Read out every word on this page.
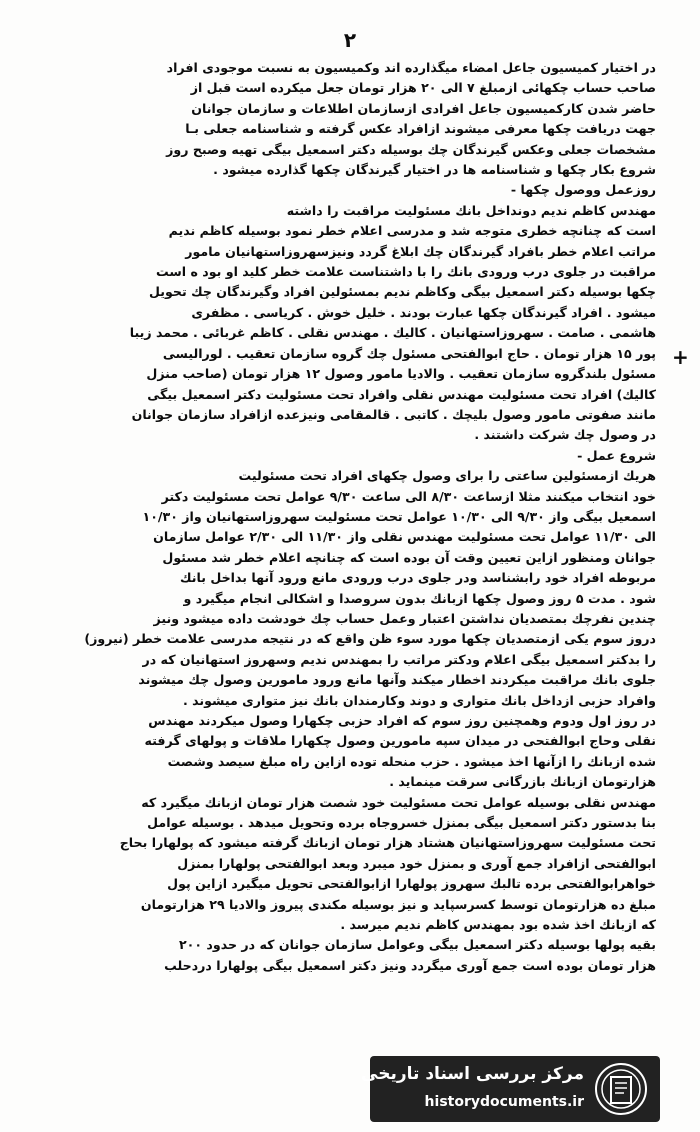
۲
در اختیار کمیسیون جاعل امضاء میگذارده اند وکمیسیون به نسبت موجودی افراد
صاحب حساب چکهائی ازمبلغ ۷ الی ۲۰ هزار تومان جعل میکرده است قبل از
حاضر شدن کارکمیسیون جاعل افرادی ازسازمان اطلاعات و سازمان جوانان
جهت دریافت چکها معرفی میشوند ازافراد عکس گرفته و شناسنامه جعلی بـا
مشخصات جعلی وعکس گیرندگان چك بوسیله دکتر اسمعیل بیگی تهیه وصبح روز
شروع بکار چکها و شناسنامه ها در اختیار گیرندگان چکها گذارده میشود .
روزعمل ووصول چکها -
مهندس کاظم ندیم دونداخل بانك مسئولیت مراقبت را داشته
است که چنانچه خطری متوجه شد و مدرسی اعلام خطر نمود بوسیله کاظم ندیم
مراتب اعلام خطر بافراد گیرندگان چك ابلاغ گردد ونیزسهروزاستهانیان مامور
مراقبت در جلوی درب ورودی بانك را با داشتناست علامت خطر کلید او بود ه است
چکها بوسیله دکتر اسمعیل بیگی وکاظم ندیم بمسئولین افراد وگیرندگان چك تحویل
میشود . افراد گیرندگان چکها عبارت بودند . خلیل خوش . کریاسی . مظفری
هاشمی . صامت . سهروزاستهانیان . کالیك . مهندس نقلی . کاظم غربائی . محمد زیبا
پور ۱۵ هزار تومان . حاج ابوالفتحی مسئول چك گروه سازمان تعقیب . لورالیسی
مسئول بلندگروه سازمان تعقیب . والادیا مامور وصول ۱۲ هزار تومان (صاحب منزل
کالیك) افراد تحت مسئولیت مهندس نقلی وافراد تحت مسئولیت دکتر اسمعیل بیگی
مانند صفوتی مامور وصول بلیچك . کاتبی . قالمقامی ونیزعده ازافراد سازمان جوانان
در وصول چك شرکت داشتند .
شروع عمل -
هریك ازمسئولین ساعتی را برای وصول چکهای افراد تحت مسئولیت
خود انتخاب میکنند مثلا ازساعت ۸/۳۰ الی ساعت ۹/۳۰ عوامل تحت مسئولیت دکتر
اسمعیل بیگی واز ۹/۳۰ الی ۱۰/۳۰ عوامل تحت مسئولیت سهروزاستهانیان واز ۱۰/۳۰
الی ۱۱/۳۰ عوامل تحت مسئولیت مهندس نقلی واز ۱۱/۳۰ الی ۲/۳۰ عوامل سازمان
جوانان ومنظور ازاین تعیین وقت آن بوده است که چنانچه اعلام خطر شد مسئول
مربوطه افراد خود رابشناسد ودر جلوی درب ورودی مانع ورود آنها بداخل بانك
شود . مدت ۵ روز وصول چکها ازبانك بدون سروصدا و اشکالی انجام میگیرد و
چندین نفرچك بمتصدیان نداشتن اعتبار وعمل حساب چك خودشت داده میشود ونیز
دروز سوم یکی ازمتصدیان چکها مورد سوء ظن واقع که در نتیجه مدرسی علامت خطر (نیروز)
را بدکتر اسمعیل بیگی اعلام ودکتر مراتب را بمهندس ندیم وسهروز استهانیان که در
جلوی بانك مراقبت میکردند اخطار میکند وآنها مانع ورود مامورین وصول چك میشوند
وافراد حزبی ازداخل بانك متواری و دوند وکارمندان بانك نیز متواری میشوند .
در روز اول ودوم وهمچنین روز سوم که افراد حزبی چکهارا وصول میکردند مهندس
نقلی وحاج ابوالفتحی در میدان سپه مامورین وصول چکهارا ملاقات و پولهای گرفته
شده ازبانك را ازآنها اخذ میشود . حزب منحله توده ازاین راه مبلغ سیصد وشصت
هزارتومان ازبانك بازرگانی سرقت مینماید .
مهندس نقلی بوسیله عوامل تحت مسئولیت خود شصت هزار تومان ازبانك میگیرد که
بنا بدستور دکتر اسمعیل بیگی بمنزل خسروجاه برده وتحویل میدهد . بوسیله عوامل
تحت مسئولیت سهروزاستهانیان هشتاد هزار تومان ازبانك گرفته میشود که پولهارا بحاج
ابوالفتحی ازافراد جمع آوری و بمنزل خود میبرد وبعد ابوالفتحی پولهارا بمنزل
خواهرابوالفتحی برده تالبك سهروز پولهارا ازابوالفتحی تحویل میگیرد ازاین پول
مبلغ ده هزارتومان توسط کسرسپاید و نیز بوسیله مکندی پیروز والادیا ۲۹ هزارتومان
که ازبانك اخذ شده بود بمهندس کاظم ندیم میرسد .
بقیه پولها بوسیله دکتر اسمعیل بیگی وعوامل سازمان جوانان که در حدود ۲۰۰
هزار تومان بوده است جمع آوری میگردد ونیز دکتر اسمعیل بیگی پولهارا دردحلب
+
مرکز بررسی اسناد تاریخی
historydocuments.ir
